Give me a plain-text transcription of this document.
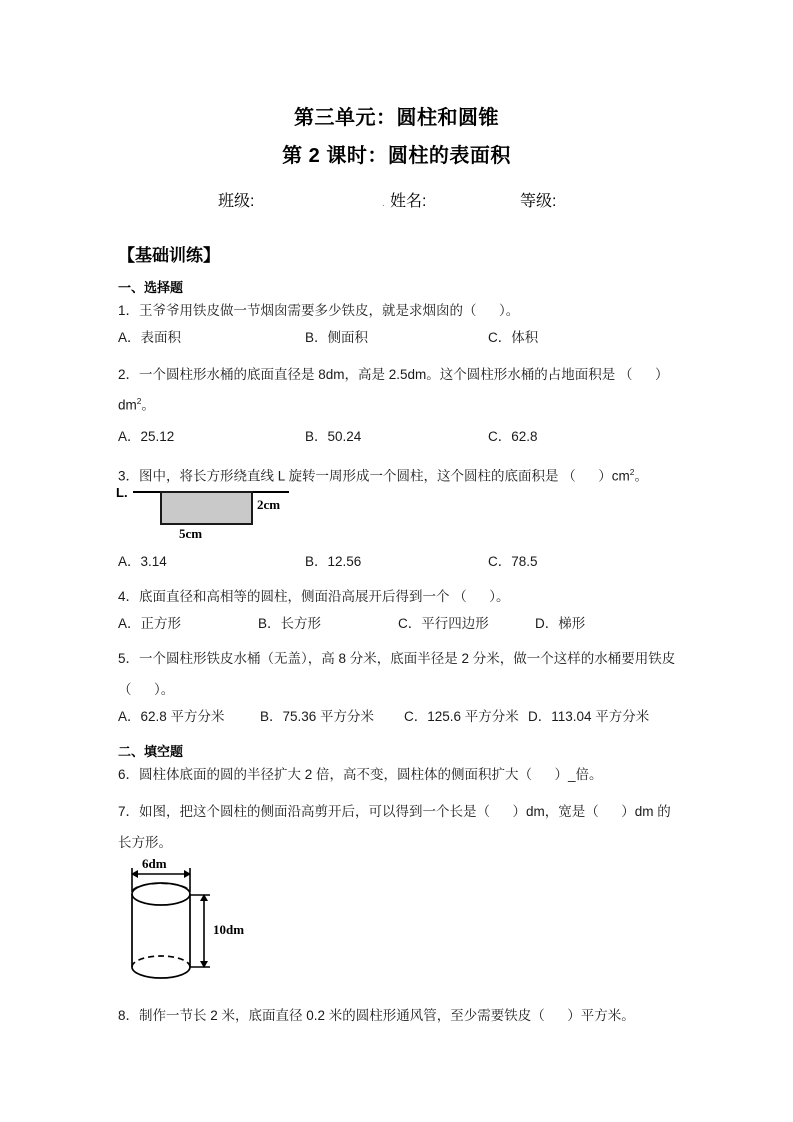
第三单元：圆柱和圆锥
第 2 课时：圆柱的表面积
班级:	. 姓名:	等级:
【基础训练】
一、选择题
1．王爷爷用铁皮做一节烟囱需要多少铁皮，就是求烟囱的（      ）。
A．表面积	B．侧面积	C．体积
2．一个圆柱形水桶的底面直径是 8dm，高是 2.5dm。这个圆柱形水桶的占地面积是 （      ）
$dm^2$。
A．25.12	B．50.24	C．62.8
3．图中，将长方形绕直线 L 旋转一周形成一个圆柱，这个圆柱的底面积是 （      ）$cm^2$。
L.
2cm
5cm
A．3.14	B．12.56	C．78.5
4．底面直径和高相等的圆柱，侧面沿高展开后得到一个 （      ）。
A．正方形	B．长方形	C．平行四边形	D．梯形
5．一个圆柱形铁皮水桶（无盖），高 8 分米，底面半径是 2 分米，做一个这样的水桶要用铁皮（      ）。
A．62.8 平方分米	B．75.36 平方分米 C．125.6 平方分米 D．113.04 平方分米
二、填空题
6．圆柱体底面的圆的半径扩大 2 倍，高不变，圆柱体的侧面积扩大（      ）_倍。
7．如图，把这个圆柱的侧面沿高剪开后，可以得到一个长是（      ）dm，宽是（      ）dm 的长方形。
6dm
10dm
8．制作一节长 2 米，底面直径 0.2 米的圆柱形通风管，至少需要铁皮（      ）平方米。
